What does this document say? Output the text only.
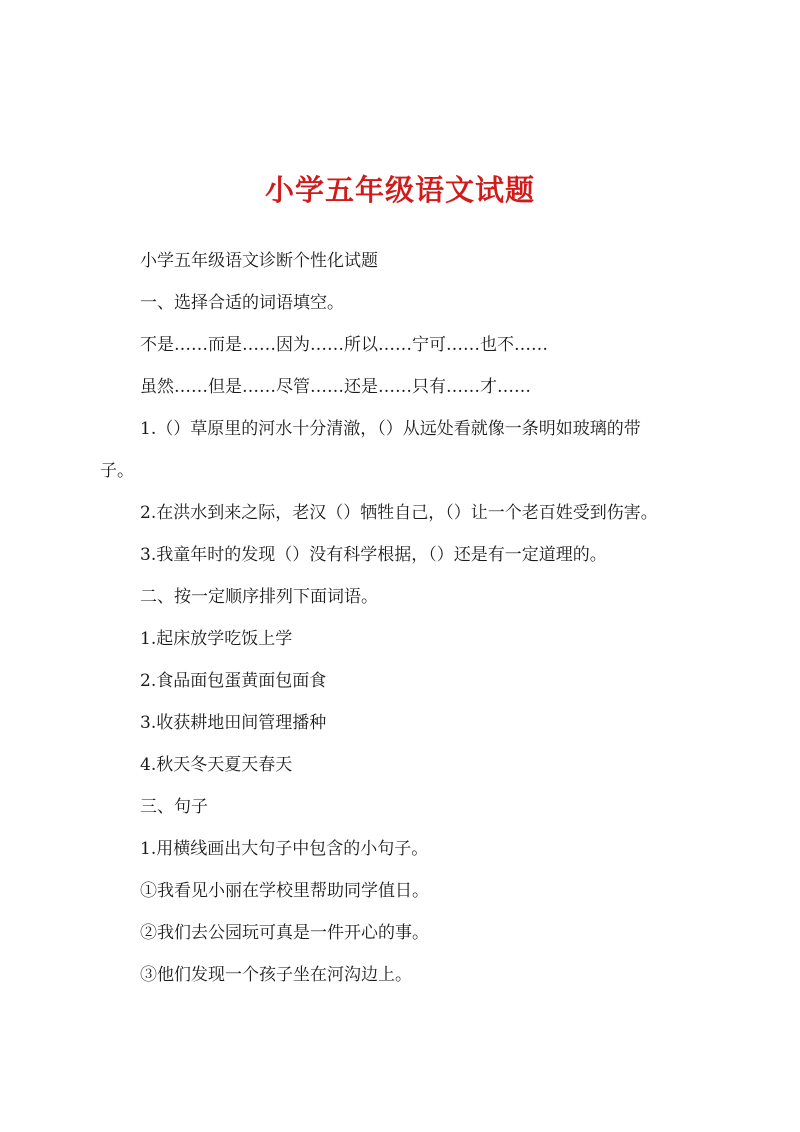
小学五年级语文试题
小学五年级语文诊断个性化试题
一、选择合适的词语填空。
不是……而是……因为……所以……宁可……也不……
虽然……但是……尽管……还是……只有……才……
1.（）草原里的河水十分清澈，（）从远处看就像一条明如玻璃的带
子。
2.在洪水到来之际，老汉（）牺牲自己，（）让一个老百姓受到伤害。
3.我童年时的发现（）没有科学根据，（）还是有一定道理的。
二、按一定顺序排列下面词语。
1.起床放学吃饭上学
2.食品面包蛋黄面包面食
3.收获耕地田间管理播种
4.秋天冬天夏天春天
三、句子
1.用横线画出大句子中包含的小句子。
①我看见小丽在学校里帮助同学值日。
②我们去公园玩可真是一件开心的事。
③他们发现一个孩子坐在河沟边上。
